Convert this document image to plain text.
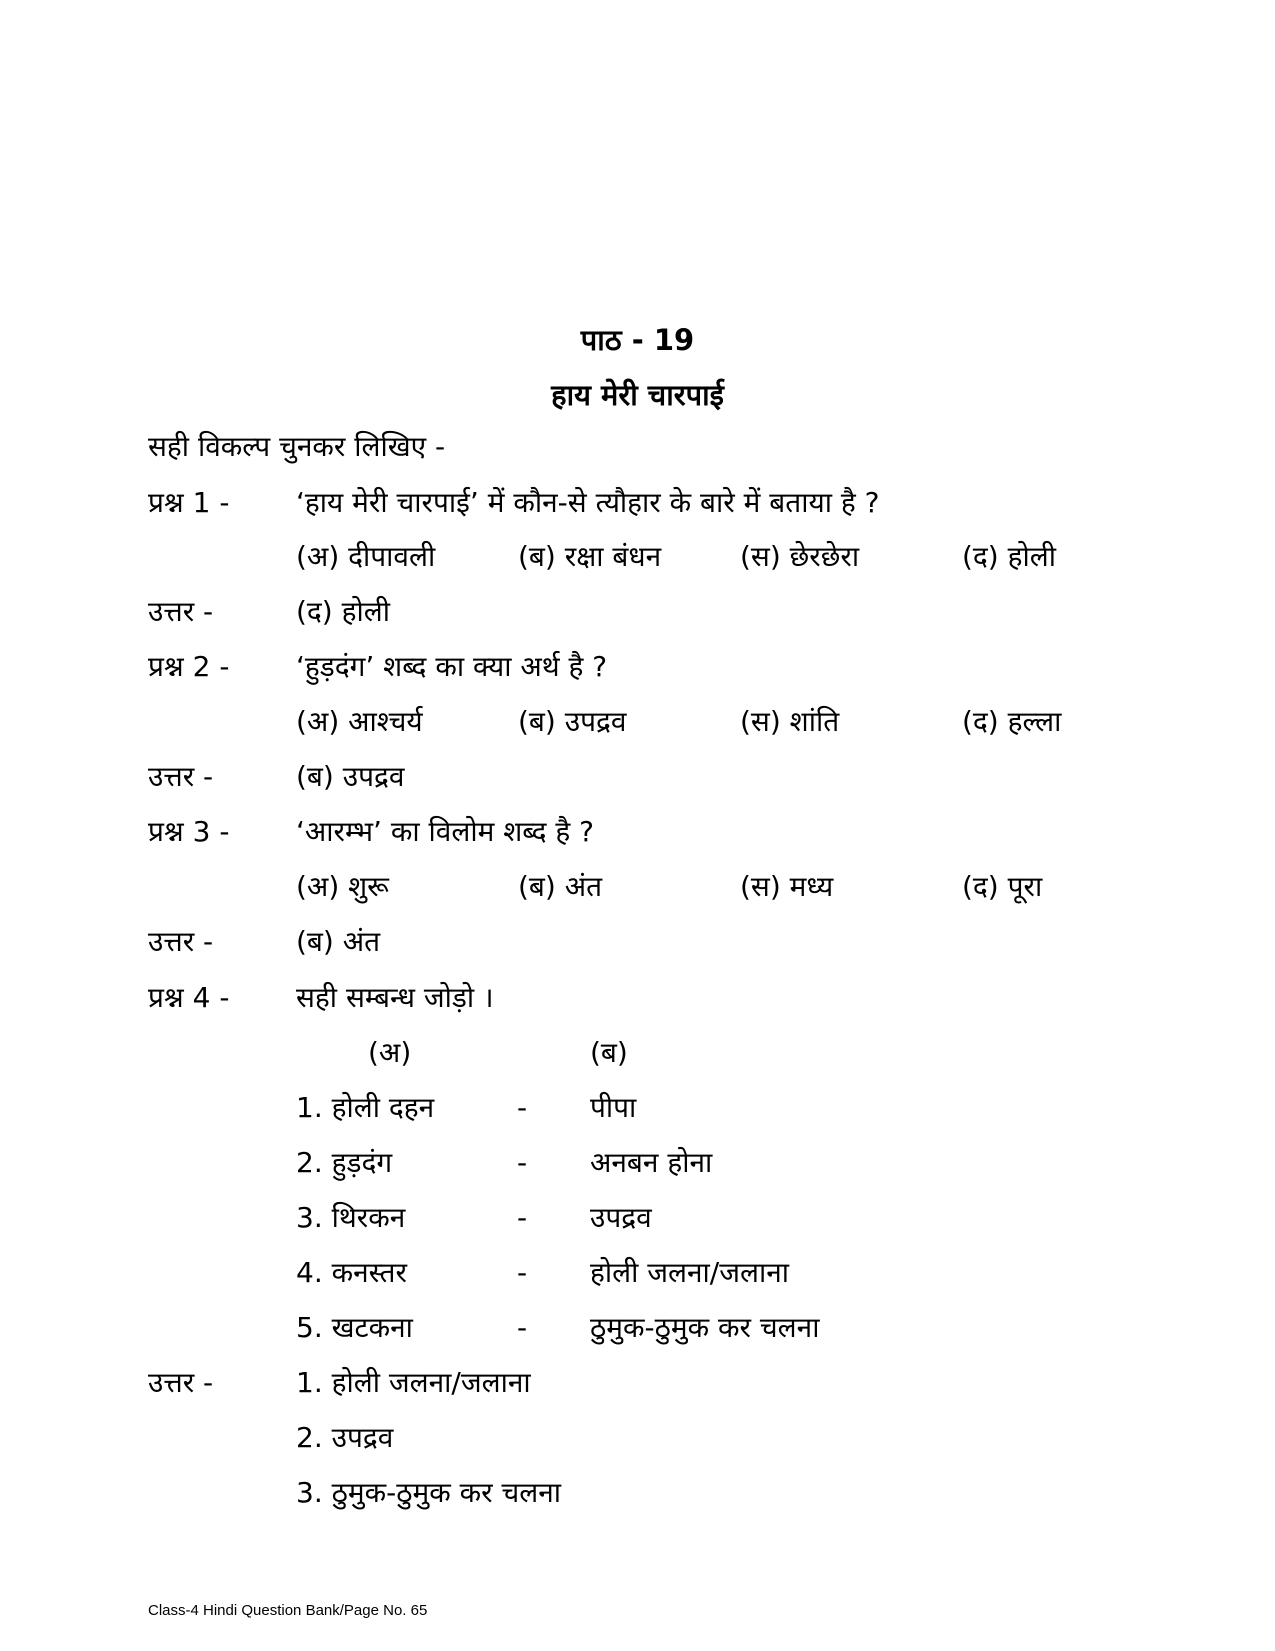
पाठ - 19
हाय मेरी चारपाई
सही विकल्प चुनकर लिखिए -
प्रश्न 1 - ‘हाय मेरी चारपाई’ में कौन-से त्यौहार के बारे में बताया है ?
(अ) दीपावली	(ब) रक्षा बंधन	(स) छेरछेरा	(द) होली
उत्तर -	(द) होली
प्रश्न 2 - ‘हुड़दंग’ शब्द का क्या अर्थ है ?
(अ) आश्चर्य	(ब) उपद्रव	(स) शांति	(द) हल्ला
उत्तर -	(ब) उपद्रव
प्रश्न 3 - ‘आरम्भ’ का विलोम शब्द है ?
(अ) शुरू	(ब) अंत	(स) मध्य	(द) पूरा
उत्तर -	(ब) अंत
प्रश्न 4 - सही सम्बन्ध जोड़ो ।
(अ)	(ब)
1. होली दहन	- पीपा
2. हुड़दंग	- अनबन होना
3. थिरकन	- उपद्रव
4. कनस्तर	- होली जलना/जलाना
5. खटकना	- ठुमुक-ठुमुक कर चलना
उत्तर -	1. होली जलना/जलाना
2. उपद्रव
3. ठुमुक-ठुमुक कर चलना
Class-4 Hindi Question Bank/Page No. 65
